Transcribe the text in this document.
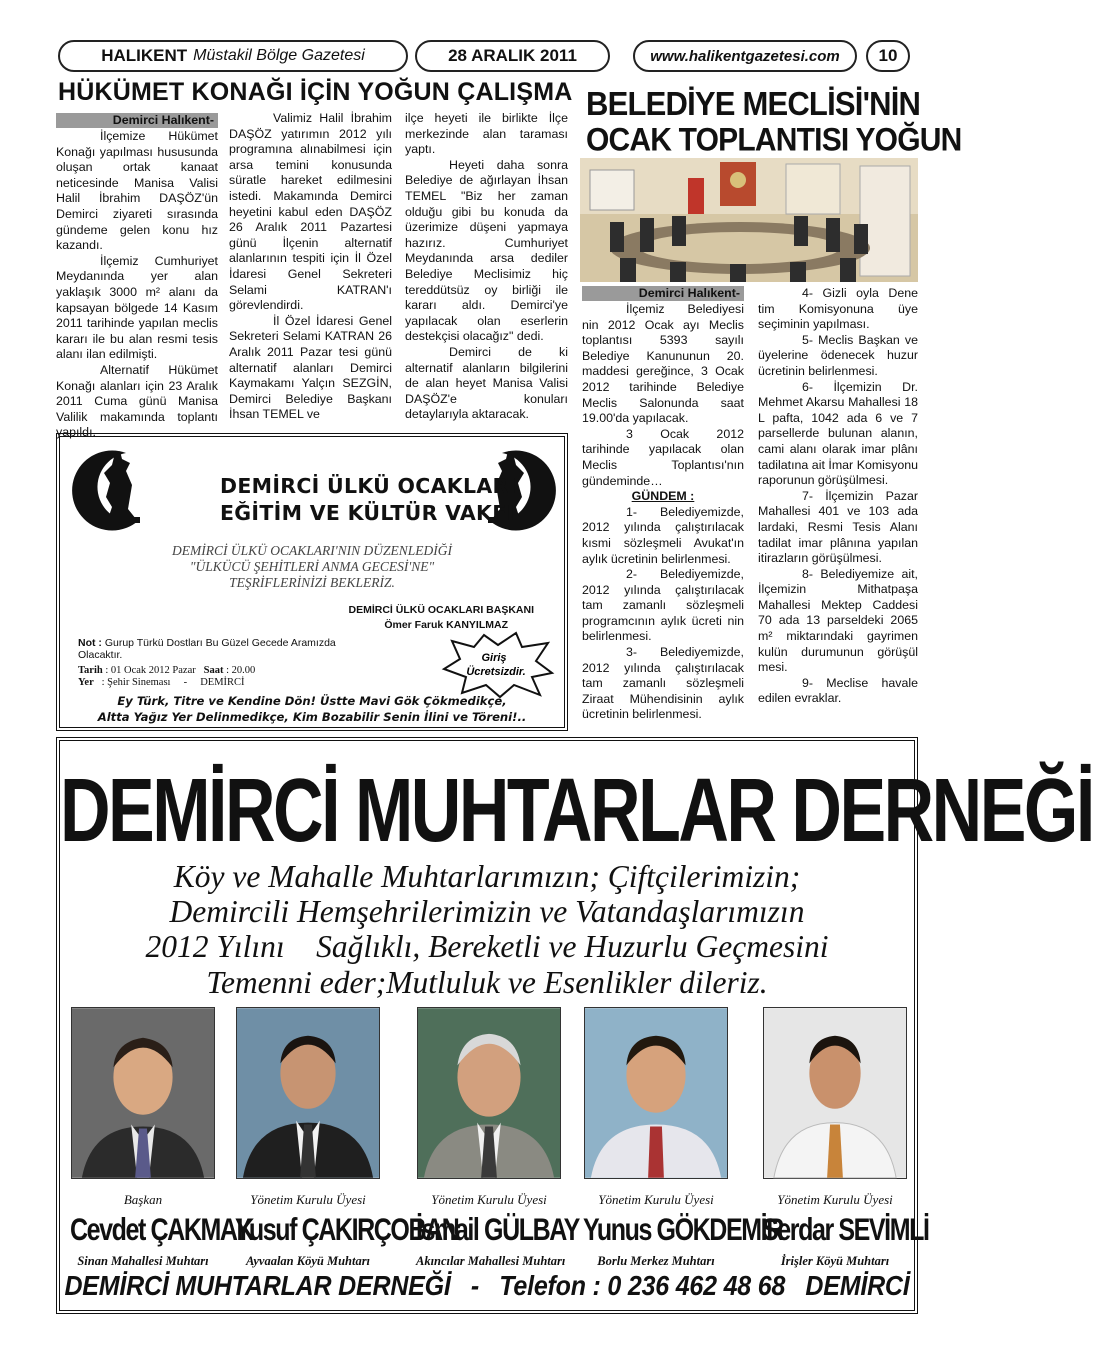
HALIKENT Müstakil Bölge Gazetesi	28 ARALIK 2011	www.halikentgazetesi.com	10
HÜKÜMET KONAĞI İÇİN YOĞUN ÇALIŞMA
Demirci Halıkent-

İlçemize Hükümet Konağı yapılması hususunda oluşan ortak kanaat neticesinde Manisa Valisi Halil İbrahim DAŞÖZ'ün Demirci ziyareti sırasında gündeme gelen konu hız kazandı.

İlçemiz Cumhuriyet Meydanında yer alan yaklaşık 3000 m² alanı da kapsayan bölgede 14 Kasım 2011 tarihinde yapılan meclis kararı ile bu alan resmi tesis alanı ilan edilmişti.

Alternatif Hükümet Konağı alanları için 23 Aralık 2011 Cuma günü Manisa Valilik makamında toplantı yapıldı.

Valimiz Halil İbrahim DAŞÖZ yatırımın 2012 yılı programına alınabilmesi için arsa temini konusunda süratle hareket edilmesini istedi. Makamında Demirci heyetini kabul eden DAŞÖZ 26 Aralık 2011 Pazartesi günü İlçenin alternatif alanlarının tespiti için İl Özel İdaresi Genel Sekreteri Selami KATRAN'ı görevlendirdi.

İl Özel İdaresi Genel Sekreteri Selami KATRAN 26 Aralık 2011 Pazar tesi günü alternatif alanları Demirci Kaymakamı Yalçın SEZGİN, Demirci Belediye Başkanı İhsan TEMEL ve

ilçe heyeti ile birlikte İlçe merkezinde alan taraması yaptı.

Heyeti daha sonra Belediye de ağırlayan İhsan TEMEL "Biz her zaman olduğu gibi bu konuda da üzerimize düşeni yapmaya hazırız. Cumhuriyet Meydanında arsa dediler Belediye Meclisimiz hiç tereddütsüz oy birliği ile kararı aldı. Demirci'ye yapılacak olan eserlerin destekçisi olacağız" dedi.

Demirci de ki alternatif alanların bilgilerini de alan heyet Manisa Valisi DAŞÖZ'e konuları detaylarıyla aktaracak.

DEMİRCİ ÜLKÜ OCAKLARI
EĞİTİM VE KÜLTÜR VAKFI
DEMİRCİ ÜLKÜ OCAKLARI'NIN DÜZENLEDİĞİ
"ÜLKÜCÜ ŞEHİTLERİ ANMA GECESİ'NE"
TEŞRİFLERİNİZİ BEKLERİZ.
DEMİRCİ ÜLKÜ OCAKLARI BAŞKANI
Ömer Faruk KANYILMAZ
Not : Gurup Türkü Dostları Bu Güzel Gecede Aramızda Olacaktır.
Tarih : 01 Ocak 2012 Pazar Saat : 20.00
Yer : Şehir Sineması - DEMİRCİ
Giriş
Ücretsizdir.
Ey Türk, Titre ve Kendine Dön! Üstte Mavi Gök Çökmedikçe,
Altta Yağız Yer Delinmedikçe, Kim Bozabilir Senin İlini ve Töreni!..
BELEDİYE MECLİSİ'NİN
OCAK TOPLANTISI YOĞUN
Demirci Halıkent-

İlçemiz Belediyesi nin 2012 Ocak ayı Meclis toplantısı 5393 sayılı Belediye Kanununun 20. maddesi gereğince, 3 Ocak 2012 tarihinde Belediye Meclis Salonunda saat 19.00'da yapılacak.

3 Ocak 2012 tarihinde yapılacak olan Meclis Toplantısı'nın gündeminde…

GÜNDEM :

1- Belediyemizde, 2012 yılında çalıştırılacak kısmi sözleşmeli Avukat'ın aylık ücretinin belirlenmesi.

2- Belediyemizde, 2012 yılında çalıştırılacak tam zamanlı sözleşmeli programcının aylık ücreti nin belirlenmesi.

3- Belediyemizde, 2012 yılında çalıştırılacak tam zamanlı sözleşmeli Ziraat Mühendisinin aylık ücretinin belirlenmesi.

4- Gizli oyla Dene tim Komisyonuna üye seçiminin yapılması.

5- Meclis Başkan ve üyelerine ödenecek huzur ücretinin belirlenmesi.

6- İlçemizin Dr. Mehmet Akarsu Mahallesi 18 L pafta, 1042 ada 6 ve 7 parsellerde bulunan alanın, cami alanı olarak imar plânı tadilatına ait İmar Komisyonu raporunun görüşülmesi.

7- İlçemizin Pazar Mahallesi 401 ve 103 ada lardaki, Resmi Tesis Alanı tadilat imar plânına yapılan itirazların görüşülmesi.

8- Belediyemize ait, İlçemizin Mithatpaşa Mahallesi Mektep Caddesi 70 ada 13 parseldeki 2065 m² miktarındaki gayrimen kulün durumunun görüşül mesi.

9- Meclise havale edilen evraklar.

DEMİRCİ MUHTARLAR DERNEĞİ
Köy ve Mahalle Muhtarlarımızın; Çiftçilerimizin;
Demircili Hemşehrilerimizin ve Vatandaşlarımızın
2012 Yılını    Sağlıklı, Bereketli ve Huzurlu Geçmesini
Temenni eder;Mutluluk ve Esenlikler dileriz.
Başkan
Cevdet ÇAKMAK
Sinan Mahallesi Muhtarı
Yönetim Kurulu Üyesi
Yusuf ÇAKIRÇOBAN
Ayvaalan Köyü Muhtarı
Yönetim Kurulu Üyesi
İsmail GÜLBAY
Akıncılar Mahallesi Muhtarı
Yönetim Kurulu Üyesi
Yunus GÖKDEMİR
Borlu Merkez Muhtarı
Yönetim Kurulu Üyesi
Serdar SEVİMLİ
İrişler Köyü Muhtarı
DEMİRCİ MUHTARLAR DERNEĞİ   -   Telefon : 0 236 462 48 68   DEMİRCİ
